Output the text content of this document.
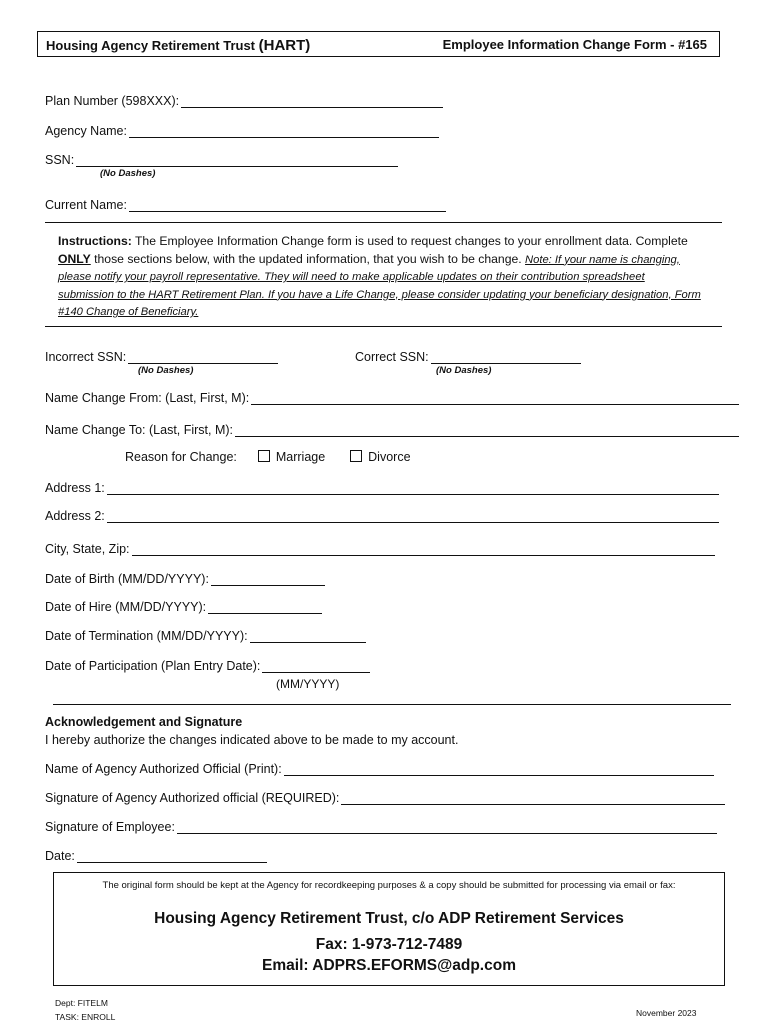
Housing Agency Retirement Trust (HART)	Employee Information Change Form - #165
Plan Number (598XXX):
Agency Name:
SSN:
(No Dashes)
Current Name:
Instructions: The Employee Information Change form is used to request changes to your enrollment data. Complete
ONLY those sections below, with the updated information, that you wish to be change. Note: If your name is changing,
please notify your payroll representative. They will need to make applicable updates on their contribution spreadsheet
submission to the HART Retirement Plan. If you have a Life Change, please consider updating your beneficiary designation, Form
#140 Change of Beneficiary.
Incorrect SSN:
(No Dashes)
Correct SSN:
(No Dashes)
Name Change From: (Last, First, M):
Name Change To: (Last, First, M):
Reason for Change:	Marriage	Divorce
Address 1:
Address 2:
City, State, Zip:
Date of Birth (MM/DD/YYYY):
Date of Hire (MM/DD/YYYY):
Date of Termination (MM/DD/YYYY):
Date of Participation (Plan Entry Date):
(MM/YYYY)
Acknowledgement and Signature
I hereby authorize the changes indicated above to be made to my account.
Name of Agency Authorized Official (Print):
Signature of Agency Authorized official (REQUIRED):
Signature of Employee:
Date:
The original form should be kept at the Agency for recordkeeping purposes & a copy should be submitted for processing via email or fax:
Housing Agency Retirement Trust, c/o ADP Retirement Services
Fax: 1-973-712-7489
Email: ADPRS.EFORMS@adp.com
Dept: FITELM
TASK: ENROLL	November 2023
